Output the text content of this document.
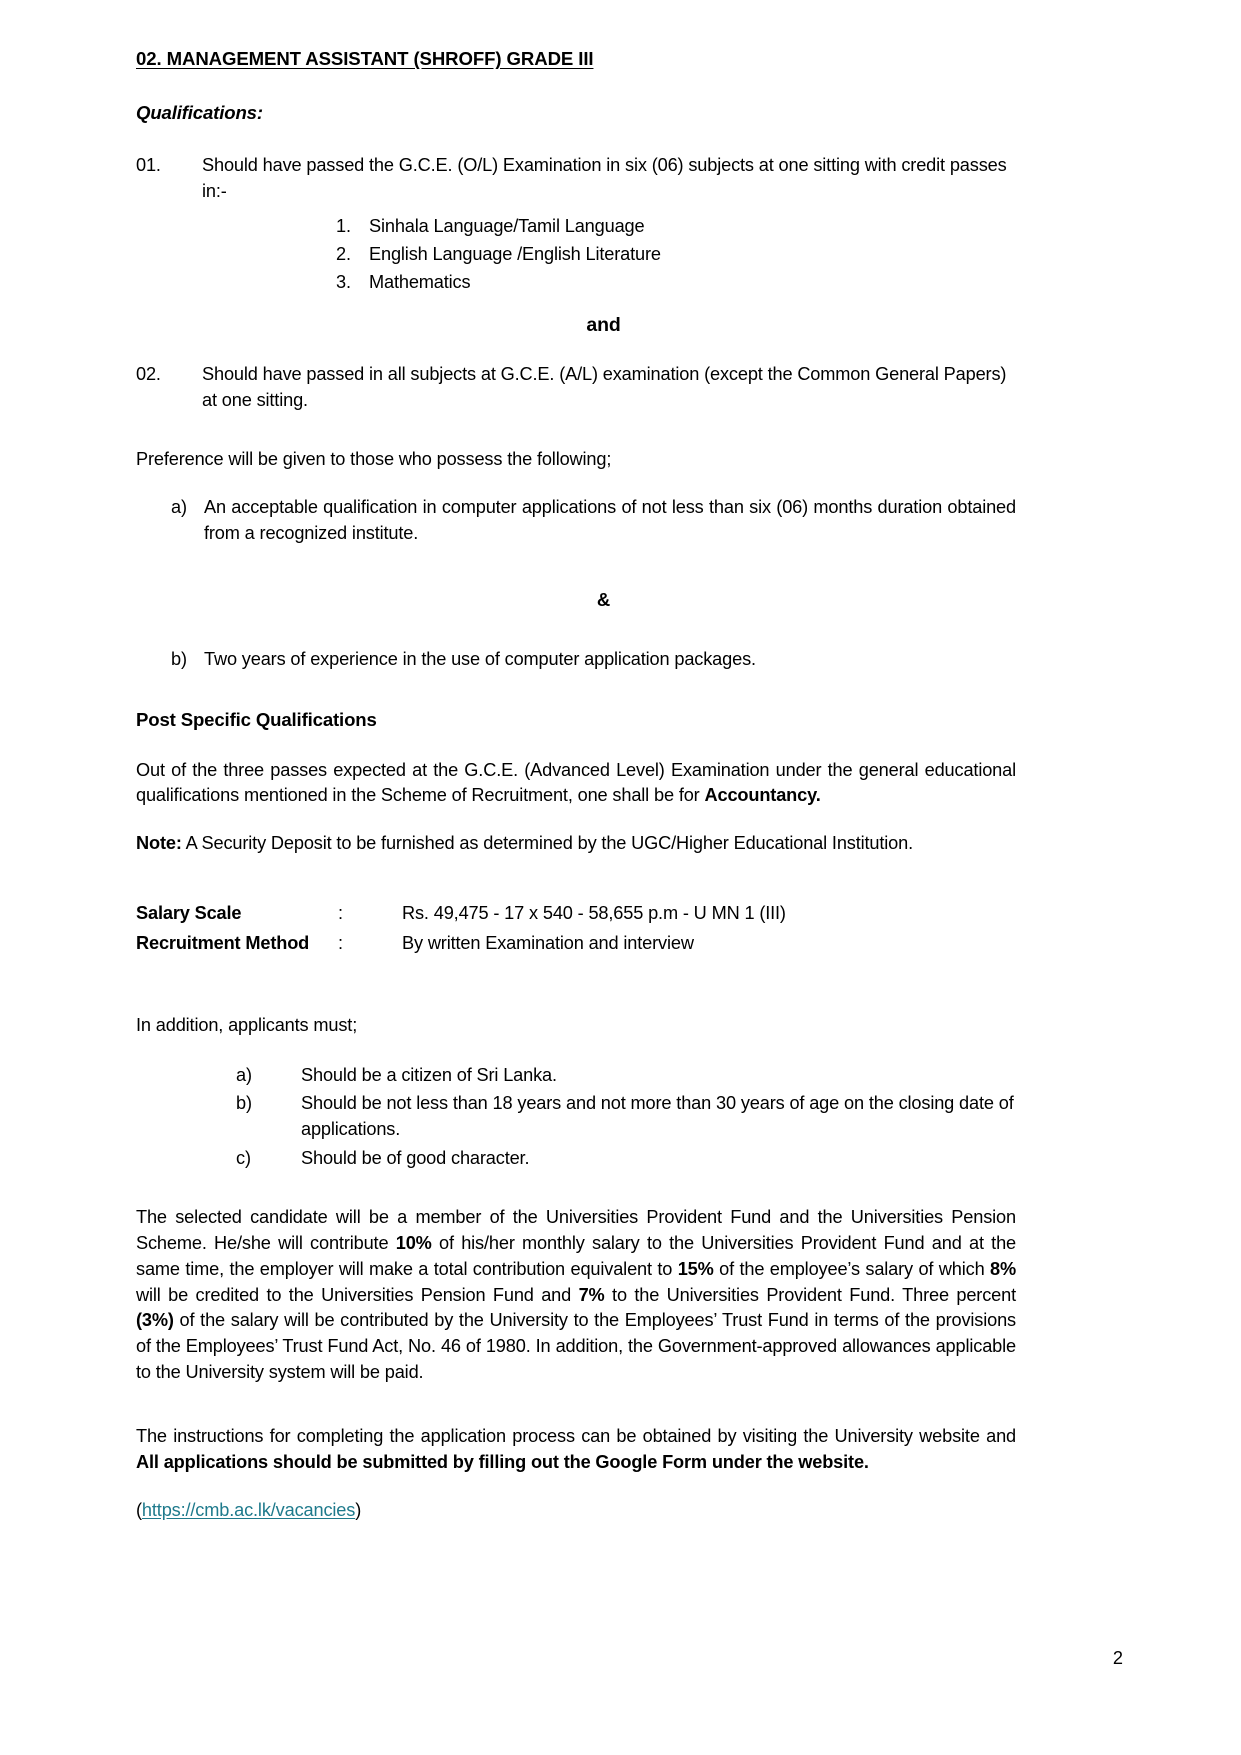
02. MANAGEMENT ASSISTANT (SHROFF) GRADE III
Qualifications:
01.	Should have passed the G.C.E. (O/L) Examination in six (06) subjects at one sitting with credit passes in:-
1. Sinhala Language/Tamil Language
2. English Language /English Literature
3. Mathematics
and
02.	Should have passed in all subjects at G.C.E. (A/L) examination (except the Common General Papers) at one sitting.

Preference will be given to those who possess the following;

a) An acceptable qualification in computer applications of not less than six (06) months duration obtained from a recognized institute.
&
b) Two years of experience in the use of computer application packages.
Post Specific Qualifications

Out of the three passes expected at the G.C.E. (Advanced Level) Examination under the general educational qualifications mentioned in the Scheme of Recruitment, one shall be for Accountancy.

Note: A Security Deposit to be furnished as determined by the UGC/Higher Educational Institution.

Salary Scale	:	Rs. 49,475 - 17 x 540 - 58,655 p.m - U MN 1 (III)
Recruitment Method	:	By written Examination and interview

In addition, applicants must;

a)	Should be a citizen of Sri Lanka.
b)	Should be not less than 18 years and not more than 30 years of age on the closing date of applications.
c)	Should be of good character.

The selected candidate will be a member of the Universities Provident Fund and the Universities Pension Scheme. He/she will contribute 10% of his/her monthly salary to the Universities Provident Fund and at the same time, the employer will make a total contribution equivalent to 15% of the employee’s salary of which 8% will be credited to the Universities Pension Fund and 7% to the Universities Provident Fund. Three percent (3%) of the salary will be contributed by the University to the Employees’ Trust Fund in terms of the provisions of the Employees’ Trust Fund Act, No. 46 of 1980. In addition, the Government-approved allowances applicable to the University system will be paid.

The instructions for completing the application process can be obtained by visiting the University website and All applications should be submitted by filling out the Google Form under the website.

(https://cmb.ac.lk/vacancies)

2
